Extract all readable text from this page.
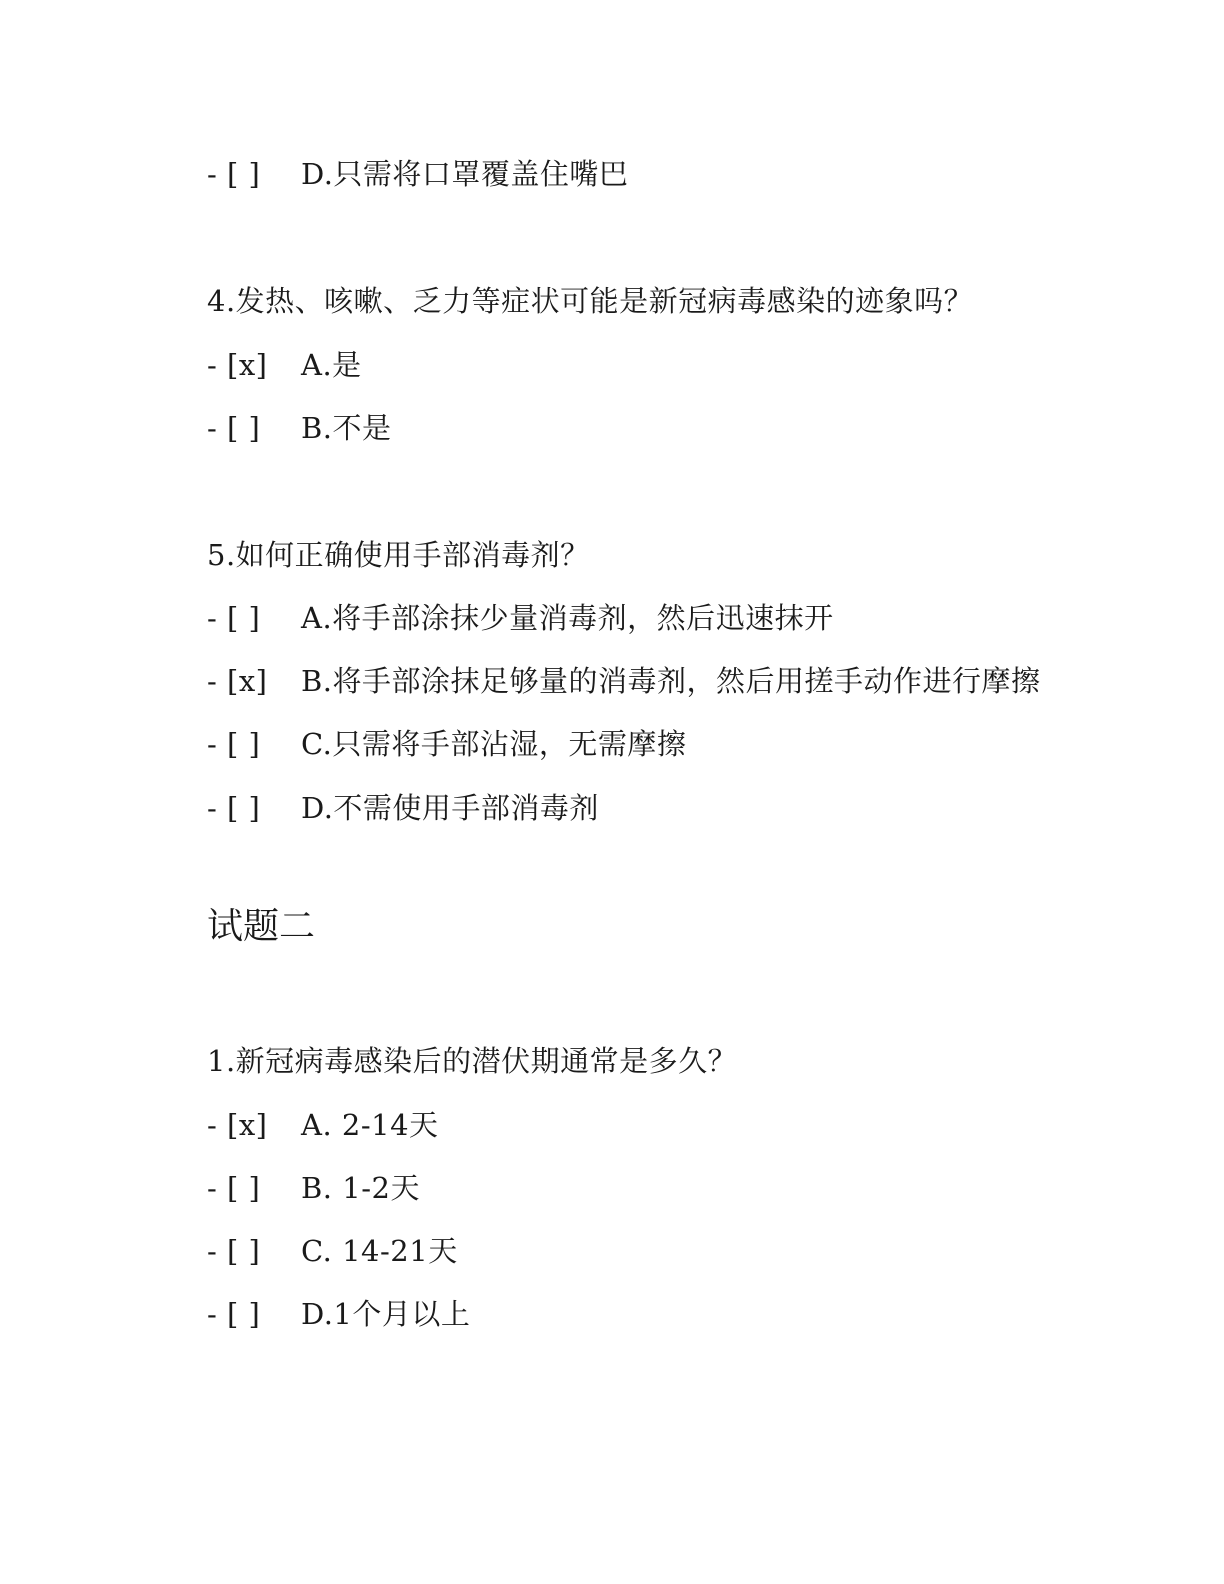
- [ ] D.只需将口罩覆盖住嘴巴
4.发热、咳嗽、乏力等症状可能是新冠病毒感染的迹象吗？
- [x] A.是
- [ ] B.不是
5.如何正确使用手部消毒剂？
- [ ] A.将手部涂抹少量消毒剂，然后迅速抹开
- [x] B.将手部涂抹足够量的消毒剂，然后用搓手动作进行摩擦
- [ ] C.只需将手部沾湿，无需摩擦
- [ ] D.不需使用手部消毒剂
试题二
1.新冠病毒感染后的潜伏期通常是多久？
- [x] A. 2-14天
- [ ] B. 1-2天
- [ ] C. 14-21天
- [ ] D.1个月以上
